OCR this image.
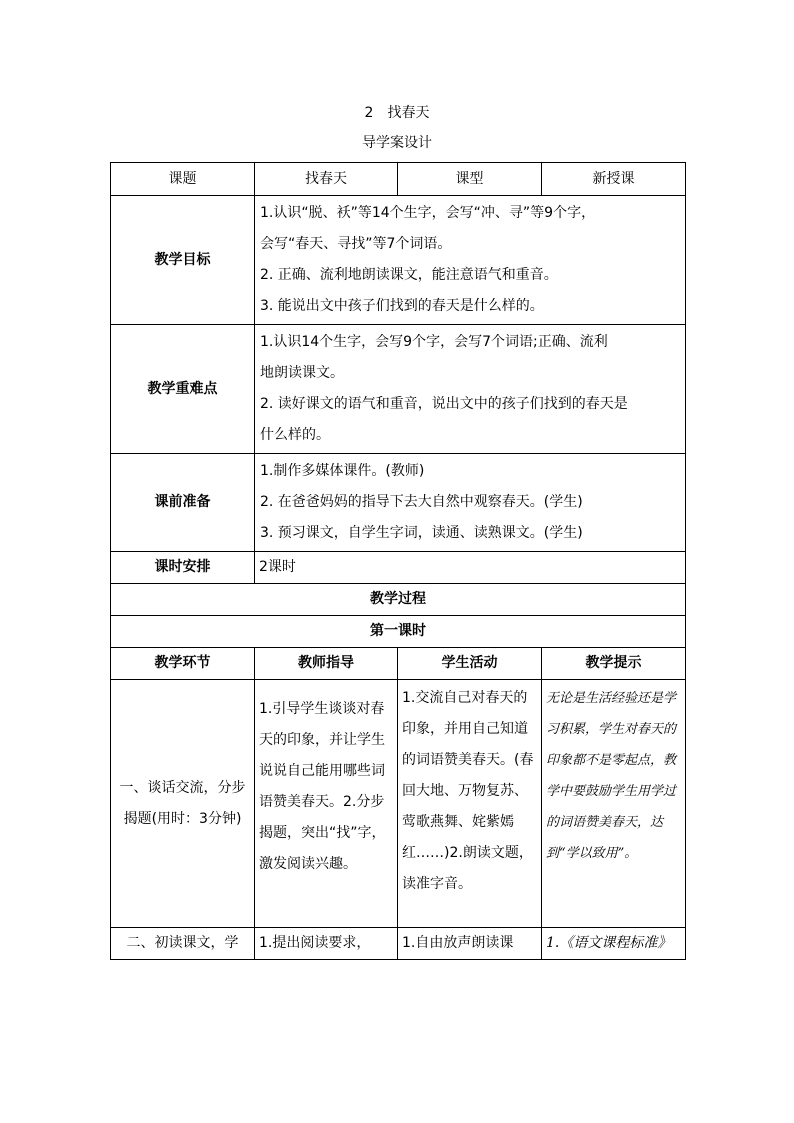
2　找春天
导学案设计
课题	找春天	课型	新授课
教学目标	1.认识“脱、袄”等14个生字，会写“冲、寻”等9个字，
会写“春天、寻找”等7个词语。
2. 正确、流利地朗读课文，能注意语气和重音。
3. 能说出文中孩子们找到的春天是什么样的。		

教学重难点	1.认识14个生字，会写9个字，会写7个词语;正确、流利
地朗读课文。
2. 读好课文的语气和重音，说出文中的孩子们找到的春天是
什么样的。		

课前准备	1.制作多媒体课件。(教师)
2. 在爸爸妈妈的指导下去大自然中观察春天。(学生)
3. 预习课文，自学生字词，读通、读熟课文。(学生)		

课时安排	2课时		
教学过程			
第一课时			
教学环节	教师指导	学生活动	教学提示
一、谈话交流，分步揭题(用时：3分钟)	1.引导学生谈谈对春天的印象，并让学生说说自己能用哪些词语赞美春天。2.分步揭题，突出“找”字，激发阅读兴趣。	1.交流自己对春天的印象，并用自己知道的词语赞美春天。(春回大地、万物复苏、莺歌燕舞、姹紫嫣红……)2.朗读文题，读准字音。	无论是生活经验还是学习积累，学生对春天的印象都不是零起点，教学中要鼓励学生用学过的词语赞美春天，达到“学以致用”。
二、初读课文，学	1.提出阅读要求，	1.自由放声朗读课	1.《语文课程标准》
